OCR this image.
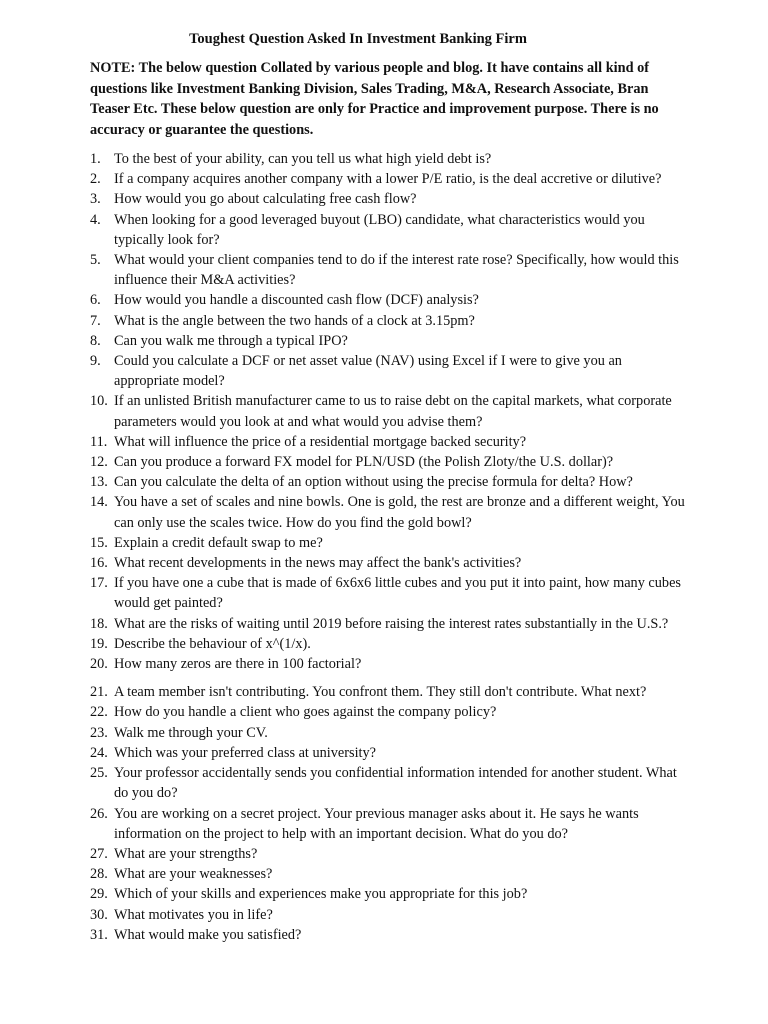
Toughest Question Asked In Investment Banking Firm

NOTE: The below question Collated by various people and blog. It have contains all kind of questions like Investment Banking Division, Sales Trading, M&A, Research Associate, Bran Teaser Etc. These below question are only for Practice and improvement purpose. There is no accuracy or guarantee the questions.

1. To the best of your ability, can you tell us what high yield debt is?
2. If a company acquires another company with a lower P/E ratio, is the deal accretive or dilutive?
3. How would you go about calculating free cash flow?
4. When looking for a good leveraged buyout (LBO) candidate, what characteristics would you typically look for?
5. What would your client companies tend to do if the interest rate rose? Specifically, how would this influence their M&A activities?
6. How would you handle a discounted cash flow (DCF) analysis?
7. What is the angle between the two hands of a clock at 3.15pm?
8. Can you walk me through a typical IPO?
9. Could you calculate a DCF or net asset value (NAV) using Excel if I were to give you an appropriate model?
10. If an unlisted British manufacturer came to us to raise debt on the capital markets, what corporate parameters would you look at and what would you advise them?
11. What will influence the price of a residential mortgage backed security?
12. Can you produce a forward FX model for PLN/USD (the Polish Zloty/the U.S. dollar)?
13. Can you calculate the delta of an option without using the precise formula for delta? How?
14. You have a set of scales and nine bowls. One is gold, the rest are bronze and a different weight, You can only use the scales twice. How do you find the gold bowl?
15. Explain a credit default swap to me?
16. What recent developments in the news may affect the bank's activities?
17. If you have one a cube that is made of 6x6x6 little cubes and you put it into paint, how many cubes would get painted?
18. What are the risks of waiting until 2019 before raising the interest rates substantially in the U.S.?
19. Describe the behaviour of x^(1/x).
20. How many zeros are there in 100 factorial?
21. A team member isn't contributing. You confront them. They still don't contribute. What next?
22. How do you handle a client who goes against the company policy?
23. Walk me through your CV.
24. Which was your preferred class at university?
25. Your professor accidentally sends you confidential information intended for another student. What do you do?
26. You are working on a secret project. Your previous manager asks about it. He says he wants information on the project to help with an important decision. What do you do?
27. What are your strengths?
28. What are your weaknesses?
29. Which of your skills and experiences make you appropriate for this job?
30. What motivates you in life?
31. What would make you satisfied?
